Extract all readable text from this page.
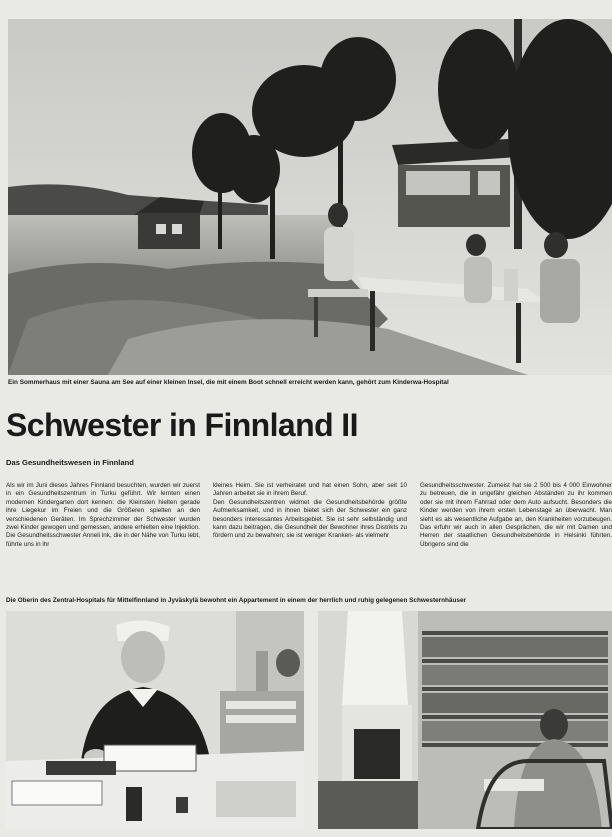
Ein Sommerhaus mit einer Sauna am See auf einer kleinen Insel, die mit einem Boot schnell erreicht werden kann, gehört zum Kinderwa-Hospital
Schwester in Finnland II
Das Gesundheitswesen in Finnland

Als wir im Juni dieses Jahres Finnland besuchten, wurden wir zuerst in ein Gesundheitszentrum in Turku geführt. Wir lernten einen modernen Kindergarten dort kennen: die Kleinsten hielten gerade ihre Liegekur im Freien und die Größeren spielten an den verschiedenen Geräten. Im Sprechzimmer der Schwester wurden zwei Kinder gewogen und gemessen, andere erhielten eine Injektion. Die Gesundheitsschwester Anneli lnk, die in der Nähe von Turku lebt, führte uns in ihr

kleines Heim. Sie ist verheiratet und hat einen Sohn, aber seit 10 Jahren arbeitet sie in ihrem Beruf.
Den Gesundheitszentren widmet die Gesundheitsbehörde größte Aufmerksamkeit, und in ihnen bietet sich der Schwester ein ganz besonders interessantes Arbeitsgebiet. Sie ist sehr selbständig und kann dazu beitragen, die Gesundheit der Bewohner ihres Distrikts zu fördern und zu bewahren; sie ist weniger Kranken- als vielmehr

Gesundheitsschwester. Zumeist hat sie 2 500 bis 4 000 Einwohner zu betreuen, die in ungefähr gleichen Abständen zu ihr kommen oder sie mit ihrem Fahrrad oder dem Auto aufsucht. Besonders die Kinder werden von ihrem ersten Lebenstage an überwacht. Man sieht es als wesentliche Aufgabe an, den Krankheiten vorzubeugen. Das erfuhr wir auch in allen Gesprächen, die wir mit Damen und Herren der staatlichen Gesundheitsbehörde in Helsinki führten. Übrigens sind die

Die Oberin des Zentral-Hospitals für Mittelfinnland in Jyväskylä bewohnt ein Appartement in einem der herrlich und ruhig gelegenen Schwesternhäuser
